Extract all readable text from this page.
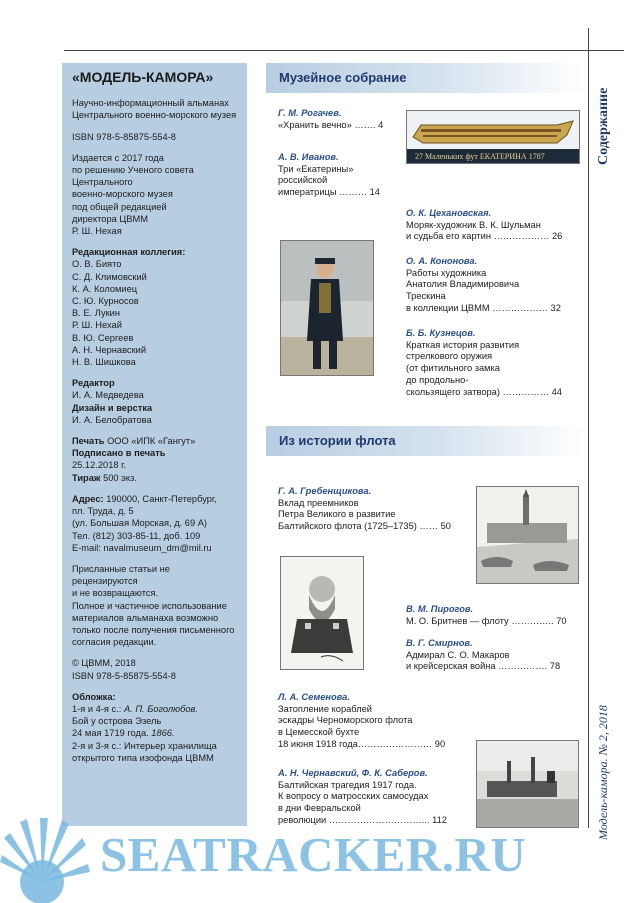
Содержание
Модель-камора. № 2, 2018
«МОДЕЛЬ-КАМОРА»
Научно-информационный альманах
Центрального военно-морского музея
ISBN 978-5-85875-554-8
Издается с 2017 года
по решению Ученого совета
Центрального
военно-морского музея
под общей редакцией
директора ЦВММ
Р. Ш. Нехая
Редакционная коллегия:
О. В. Биято
С. Д. Климовский
К. А. Коломиец
С. Ю. Курносов
В. Е. Лукин
Р. Ш. Нехай
В. Ю. Сергеев
А. Н. Чернавский
Н. В. Шишкова
Редактор
И. А. Медведева
Дизайн и верстка
И. А. Белобратова
Печать ООО «ИПК «Гангут»
Подписано в печать
25.12.2018 г.
Тираж 500 экз.
Адрес: 190000, Санкт-Петербург,
пл. Труда, д. 5
(ул. Большая Морская, д. 69 А)
Тел. (812) 303-85-11, доб. 109
E-mail: navalmuseum_dm@mil.ru
Присланные статьи не рецензируются
и не возвращаются.
Полное и частичное использование
материалов альманаха возможно
только после получения письменного
согласия редакции.
© ЦВММ, 2018
ISBN 978-5-85875-554-8
Обложка:
1-я и 4-я с.: А. П. Боголюбов.
Бой у острова Эзель
24 мая 1719 года. 1866.
2-я и 3-я с.: Интерьер хранилища
открытого типа изофонда ЦВММ
Музейное собрание
Г. М. Рогачев.
«Хранить вечно» ……. 4
27 Маленьких фут ЕКАТЕРИНА 1787
А. В. Иванов.
Три «Екатерины»
российской
императрицы ……… 14
О. К. Цехановская.
Моряк-художник В. К. Шульман
и судьба его картин ……………… 26
О. А. Кононова.
Работы художника
Анатолия Владимировича
Трескина
в коллекции ЦВММ ……………… 32
Б. Б. Кузнецов.
Краткая история развития
стрелкового оружия
(от фитильного замка
до продольно-
скользящего затвора) …………… 44
Из истории флота
Г. А. Гребенщикова.
Вклад преемников
Петра Великого в развитие
Балтийского флота (1725–1735) …… 50
В. М. Пирогов.
М. О. Бритнев — флоту ………….. 70
В. Г. Смирнов.
Адмирал С. О. Макаров
и крейсерская война ……………. 78
Л. А. Семенова.
Затопление кораблей
эскадры Черноморского флота
в Цемесской бухте
18 июня 1918 года…………………… 90
А. Н. Чернавский, Ф. К. Саберов.
Балтийская трагедия 1917 года.
К вопросу о матросских самосудах
в дни Февральской
революции …………………………... 112
SEATRACKER.RU
